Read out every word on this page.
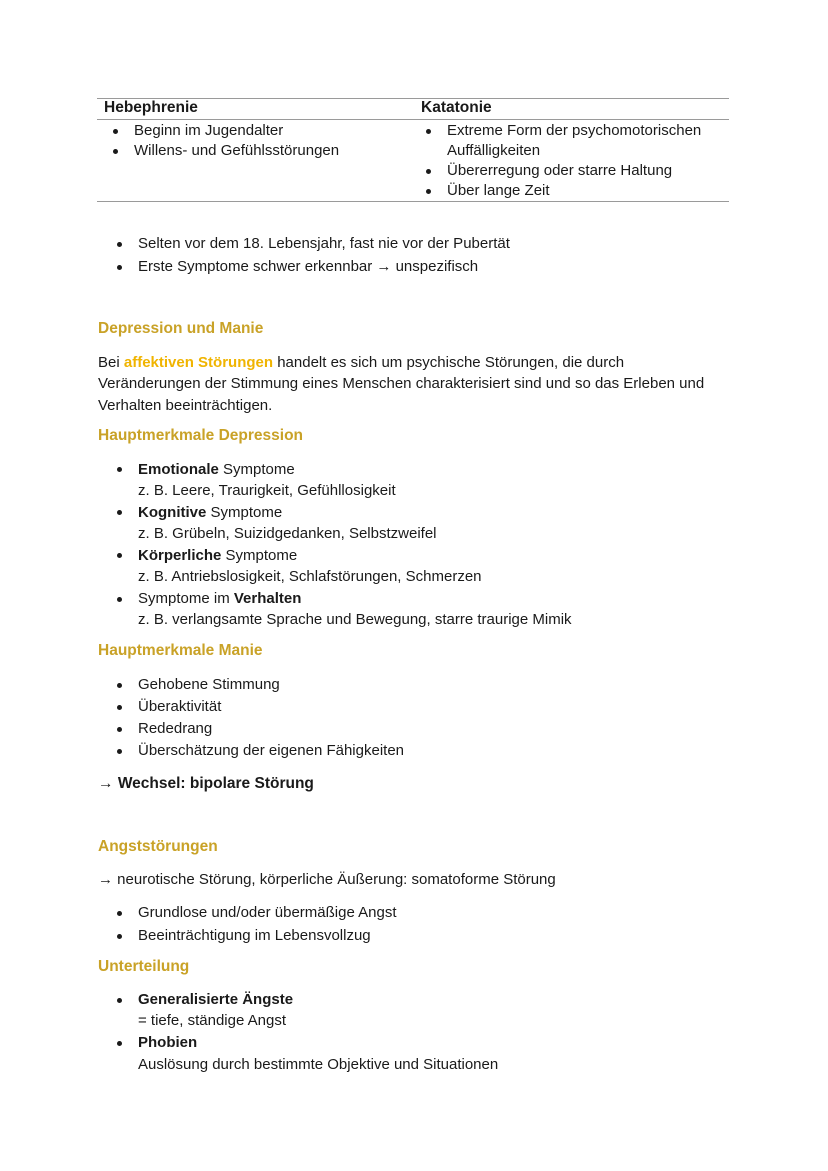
Hebephrenie	Katatonie
Beginn im Jugendalter
Willens- und Gefühlsstörungen
Extreme Form der psychomotorischen
Auffälligkeiten
Übererregung oder starre Haltung
Über lange Zeit
Selten vor dem 18. Lebensjahr, fast nie vor der Pubertät
Erste Symptome schwer erkennbar → unspezifisch
Depression und Manie
Bei affektiven Störungen handelt es sich um psychische Störungen, die durch
Veränderungen der Stimmung eines Menschen charakterisiert sind und so das Erleben und
Verhalten beeinträchtigen.
Hauptmerkmale Depression
Emotionale Symptome
z. B. Leere, Traurigkeit, Gefühllosigkeit
Kognitive Symptome
z. B. Grübeln, Suizidgedanken, Selbstzweifel
Körperliche Symptome
z. B. Antriebslosigkeit, Schlafstörungen, Schmerzen
Symptome im Verhalten
z. B. verlangsamte Sprache und Bewegung, starre traurige Mimik
Hauptmerkmale Manie
Gehobene Stimmung
Überaktivität
Rededrang
Überschätzung der eigenen Fähigkeiten
→ Wechsel: bipolare Störung
Angststörungen
→ neurotische Störung, körperliche Äußerung: somatoforme Störung
Grundlose und/oder übermäßige Angst
Beeinträchtigung im Lebensvollzug
Unterteilung
Generalisierte Ängste
= tiefe, ständige Angst
Phobien
Auslösung durch bestimmte Objektive und Situationen
